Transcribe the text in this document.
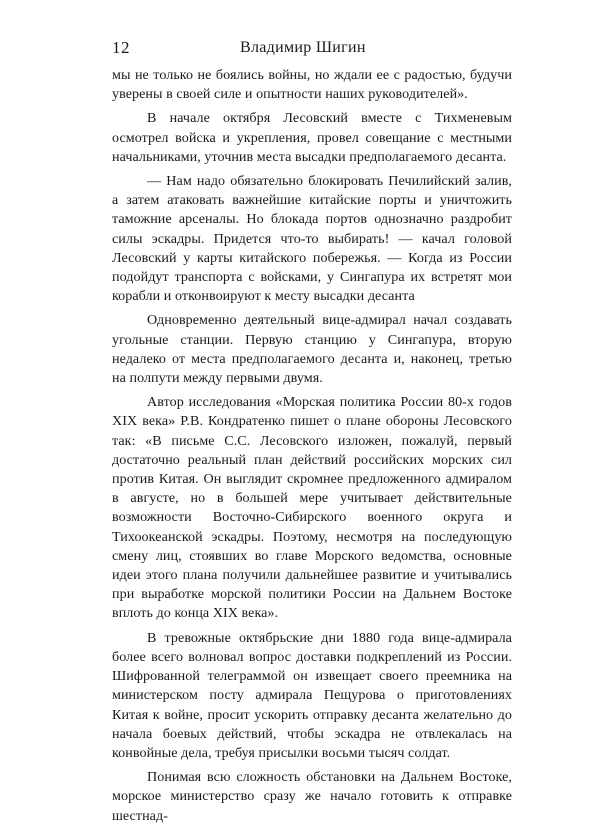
12	Владимир Шигин

мы не только не боялись войны, но ждали ее с радостью, будучи уверены в своей силе и опытности наших руководителей».

В начале октября Лесовский вместе с Тихменевым осмотрел войска и укрепления, провел совещание с местными начальниками, уточнив места высадки предполагаемого десанта.

— Нам надо обязательно блокировать Печилийский залив, а затем атаковать важнейшие китайские порты и уничтожить таможние арсеналы. Но блокада портов однозначно раздробит силы эскадры. Придется что-то выбирать! — качал головой Лесовский у карты китайского побережья. — Когда из России подойдут транспорта с войсками, у Сингапура их встретят мои корабли и отконвоируют к месту высадки десанта

Одновременно деятельный вице-адмирал начал создавать угольные станции. Первую станцию у Сингапура, вторую недалеко от места предполагаемого десанта и, наконец, третью на полпути между первыми двумя.

Автор исследования «Морская политика России 80-х годов XIX века» Р.В. Кондратенко пишет о плане обороны Лесовского так: «В письме С.С. Лесовского изложен, пожалуй, первый достаточно реальный план действий российских морских сил против Китая. Он выглядит скромнее предложенного адмиралом в августе, но в большей мере учитывает действительные возможности Восточно-Сибирского военного округа и Тихоокеанской эскадры. Поэтому, несмотря на последующую смену лиц, стоявших во главе Морского ведомства, основные идеи этого плана получили дальнейшее развитие и учитывались при выработке морской политики России на Дальнем Востоке вплоть до конца XIX века».

В тревожные октябрьские дни 1880 года вице-адмирала более всего волновал вопрос доставки подкреплений из России. Шифрованной телеграммой он извещает своего преемника на министерском посту адмирала Пещурова о приготовлениях Китая к войне, просит ускорить отправку десанта желательно до начала боевых действий, чтобы эскадра не отвлекалась на конвойные дела, требуя присылки восьми тысяч солдат.

Понимая всю сложность обстановки на Дальнем Востоке, морское министерство сразу же начало готовить к отправке шестнад-
